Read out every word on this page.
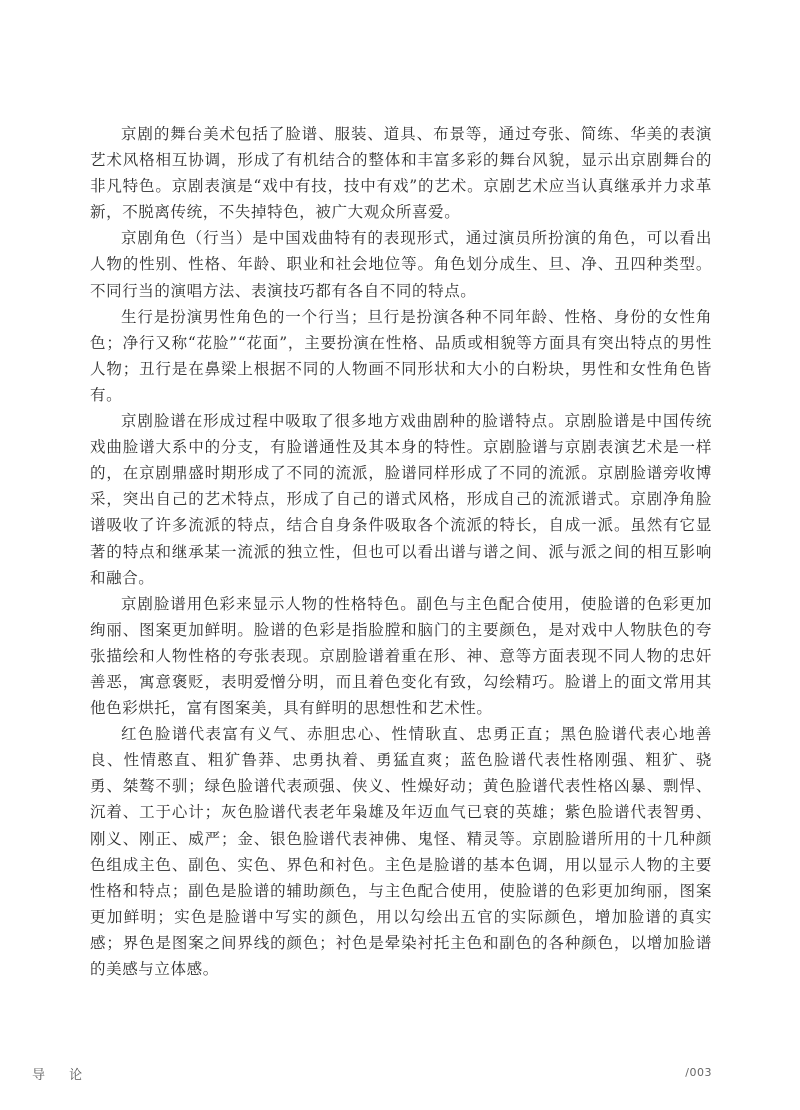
京剧的舞台美术包括了脸谱、服装、道具、布景等，通过夸张、简练、华美的表演艺术风格相互协调，形成了有机结合的整体和丰富多彩的舞台风貌，显示出京剧舞台的非凡特色。京剧表演是“戏中有技，技中有戏”的艺术。京剧艺术应当认真继承并力求革新，不脱离传统，不失掉特色，被广大观众所喜爱。

京剧角色（行当）是中国戏曲特有的表现形式，通过演员所扮演的角色，可以看出人物的性别、性格、年龄、职业和社会地位等。角色划分成生、旦、净、丑四种类型。不同行当的演唱方法、表演技巧都有各自不同的特点。

生行是扮演男性角色的一个行当；旦行是扮演各种不同年龄、性格、身份的女性角色；净行又称“花脸”“花面”，主要扮演在性格、品质或相貌等方面具有突出特点的男性人物；丑行是在鼻梁上根据不同的人物画不同形状和大小的白粉块，男性和女性角色皆有。

京剧脸谱在形成过程中吸取了很多地方戏曲剧种的脸谱特点。京剧脸谱是中国传统戏曲脸谱大系中的分支，有脸谱通性及其本身的特性。京剧脸谱与京剧表演艺术是一样的，在京剧鼎盛时期形成了不同的流派，脸谱同样形成了不同的流派。京剧脸谱旁收博采，突出自己的艺术特点，形成了自己的谱式风格，形成自己的流派谱式。京剧净角脸谱吸收了许多流派的特点，结合自身条件吸取各个流派的特长，自成一派。虽然有它显著的特点和继承某一流派的独立性，但也可以看出谱与谱之间、派与派之间的相互影响和融合。

京剧脸谱用色彩来显示人物的性格特色。副色与主色配合使用，使脸谱的色彩更加绚丽、图案更加鲜明。脸谱的色彩是指脸膛和脑门的主要颜色，是对戏中人物肤色的夸张描绘和人物性格的夸张表现。京剧脸谱着重在形、神、意等方面表现不同人物的忠奸善恶，寓意褒贬，表明爱憎分明，而且着色变化有致，勾绘精巧。脸谱上的面文常用其他色彩烘托，富有图案美，具有鲜明的思想性和艺术性。

红色脸谱代表富有义气、赤胆忠心、性情耿直、忠勇正直；黑色脸谱代表心地善良、性情憨直、粗犷鲁莽、忠勇执着、勇猛直爽；蓝色脸谱代表性格刚强、粗犷、骁勇、桀骜不驯；绿色脸谱代表顽强、侠义、性燥好动；黄色脸谱代表性格凶暴、剽悍、沉着、工于心计；灰色脸谱代表老年枭雄及年迈血气已衰的英雄；紫色脸谱代表智勇、刚义、刚正、威严；金、银色脸谱代表神佛、鬼怪、精灵等。京剧脸谱所用的十几种颜色组成主色、副色、实色、界色和衬色。主色是脸谱的基本色调，用以显示人物的主要性格和特点；副色是脸谱的辅助颜色，与主色配合使用，使脸谱的色彩更加绚丽，图案更加鲜明；实色是脸谱中写实的颜色，用以勾绘出五官的实际颜色，增加脸谱的真实感；界色是图案之间界线的颜色；衬色是晕染衬托主色和副色的各种颜色，以增加脸谱的美感与立体感。

导 论	/003
